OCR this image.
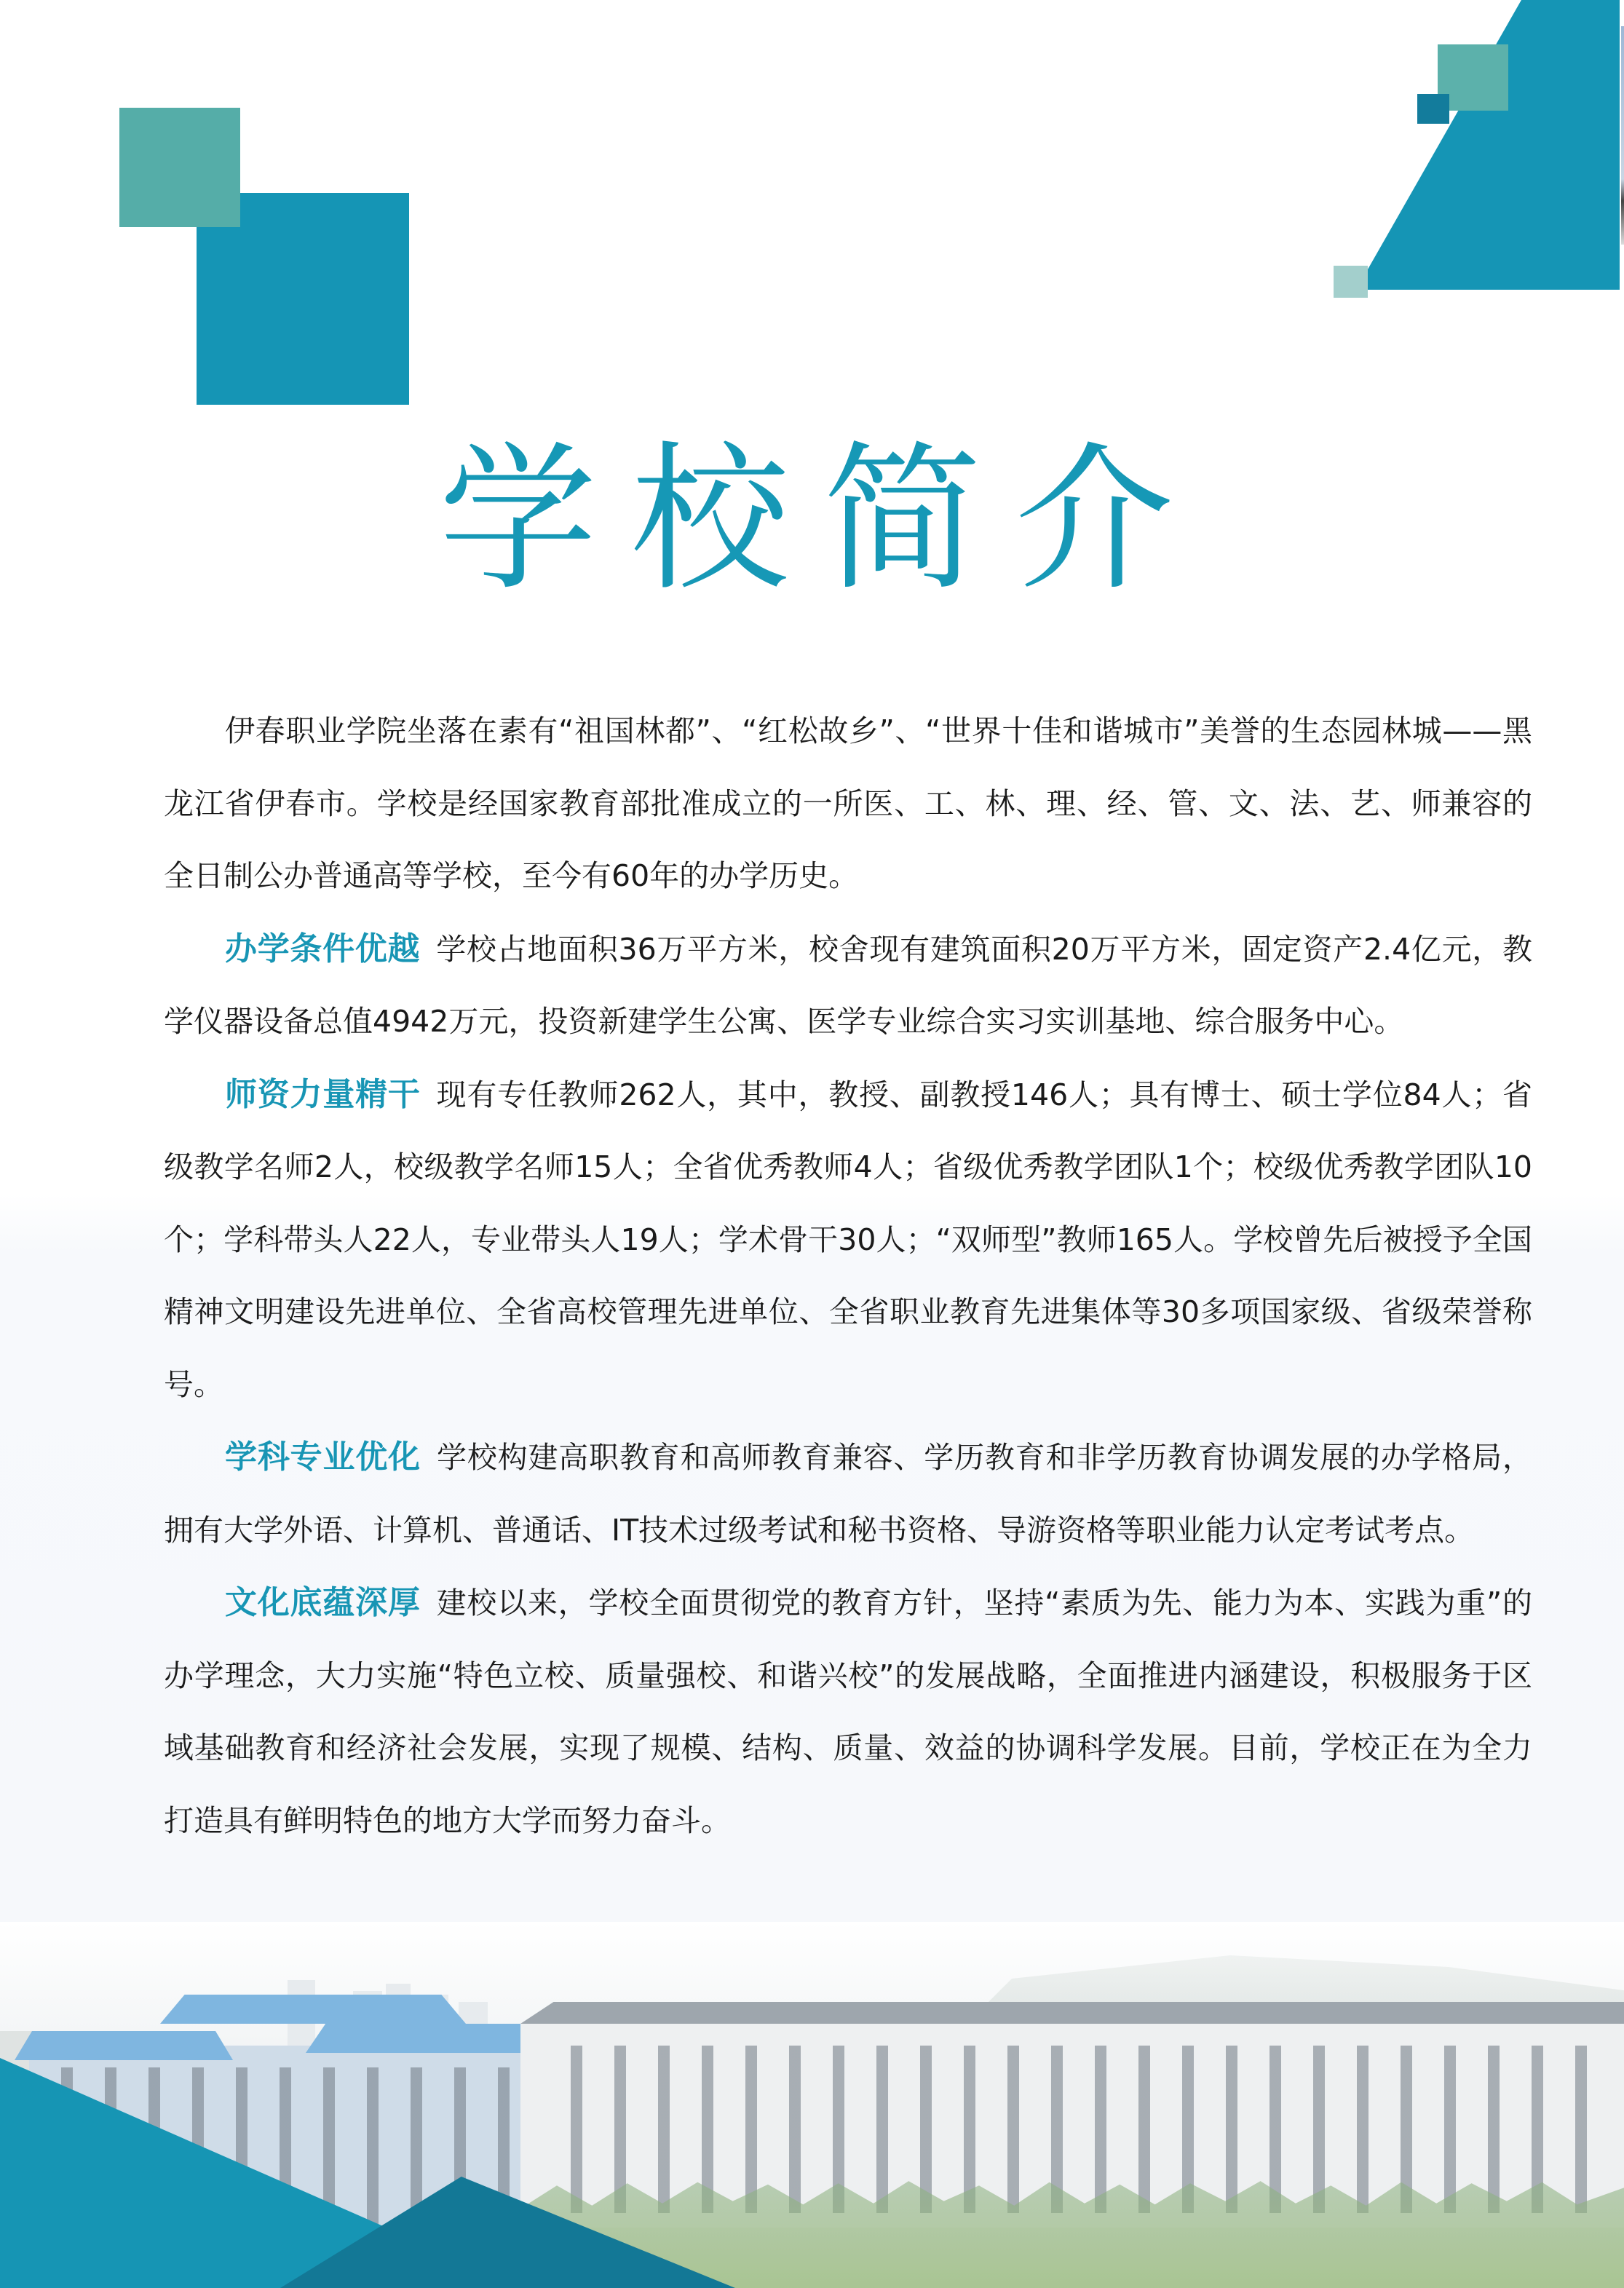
学校简介

伊春职业学院坐落在素有“祖国林都”、“红松故乡”、“世界十佳和谐城市”美誉的生态园林城——黑龙江省伊春市。学校是经国家教育部批准成立的一所医、工、林、理、经、管、文、法、艺、师兼容的全日制公办普通高等学校，至今有60年的办学历史。

办学条件优越 学校占地面积36万平方米，校舍现有建筑面积20万平方米，固定资产2.4亿元，教学仪器设备总值4942万元，投资新建学生公寓、医学专业综合实习实训基地、综合服务中心。

师资力量精干 现有专任教师262人，其中，教授、副教授146人；具有博士、硕士学位84人；省级教学名师2人，校级教学名师15人；全省优秀教师4人；省级优秀教学团队1个；校级优秀教学团队10个；学科带头人22人，专业带头人19人；学术骨干30人；“双师型”教师165人。学校曾先后被授予全国精神文明建设先进单位、全省高校管理先进单位、全省职业教育先进集体等30多项国家级、省级荣誉称号。

学科专业优化 学校构建高职教育和高师教育兼容、学历教育和非学历教育协调发展的办学格局，拥有大学外语、计算机、普通话、IT技术过级考试和秘书资格、导游资格等职业能力认定考试考点。

文化底蕴深厚 建校以来，学校全面贯彻党的教育方针，坚持“素质为先、能力为本、实践为重”的办学理念，大力实施“特色立校、质量强校、和谐兴校”的发展战略，全面推进内涵建设，积极服务于区域基础教育和经济社会发展，实现了规模、结构、质量、效益的协调科学发展。目前，学校正在为全力打造具有鲜明特色的地方大学而努力奋斗。
